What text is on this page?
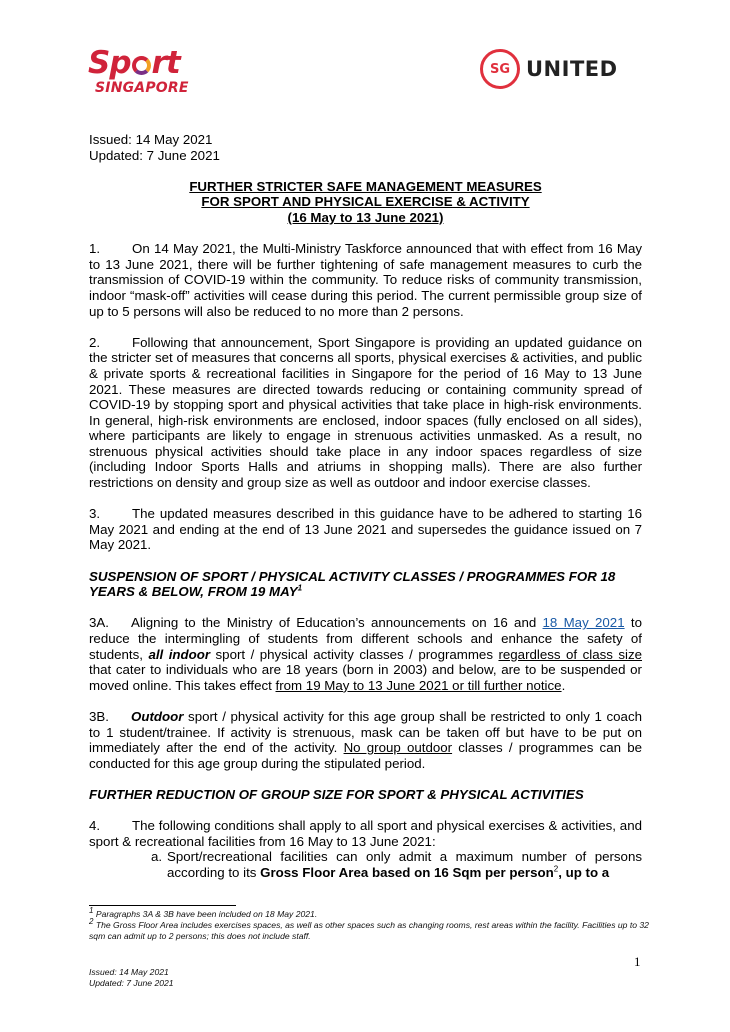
Sp rt
SINGAPORE
SG UNITED

Issued: 14 May 2021

Updated: 7 June 2021

FURTHER STRICTER SAFE MANAGEMENT MEASURES

FOR SPORT AND PHYSICAL EXERCISE & ACTIVITY

(16 May to 13 June 2021)

1. On 14 May 2021, the Multi-Ministry Taskforce announced that with effect from 16 May to 13 June 2021, there will be further tightening of safe management measures to curb the transmission of COVID-19 within the community. To reduce risks of community transmission, indoor “mask-off” activities will cease during this period. The current permissible group size of up to 5 persons will also be reduced to no more than 2 persons.

2. Following that announcement, Sport Singapore is providing an updated guidance on the stricter set of measures that concerns all sports, physical exercises & activities, and public & private sports & recreational facilities in Singapore for the period of 16 May to 13 June 2021. These measures are directed towards reducing or containing community spread of COVID-19 by stopping sport and physical activities that take place in high-risk environments. In general, high-risk environments are enclosed, indoor spaces (fully enclosed on all sides), where participants are likely to engage in strenuous activities unmasked. As a result, no strenuous physical activities should take place in any indoor spaces regardless of size (including Indoor Sports Halls and atriums in shopping malls). There are also further restrictions on density and group size as well as outdoor and indoor exercise classes.

3. The updated measures described in this guidance have to be adhered to starting 16 May 2021 and ending at the end of 13 June 2021 and supersedes the guidance issued on 7 May 2021.

SUSPENSION OF SPORT / PHYSICAL ACTIVITY CLASSES / PROGRAMMES FOR 18 YEARS & BELOW, FROM 19 MAY$^1$

3A. Aligning to the Ministry of Education’s announcements on 16 and 18 May 2021 to reduce the intermingling of students from different schools and enhance the safety of students, all indoor sport / physical activity classes / programmes regardless of class size that cater to individuals who are 18 years (born in 2003) and below, are to be suspended or moved online. This takes effect from 19 May to 13 June 2021 or till further notice.

3B. Outdoor sport / physical activity for this age group shall be restricted to only 1 coach to 1 student/trainee. If activity is strenuous, mask can be taken off but have to be put on immediately after the end of the activity. No group outdoor classes / programmes can be conducted for this age group during the stipulated period.

FURTHER REDUCTION OF GROUP SIZE FOR SPORT & PHYSICAL ACTIVITIES

4. The following conditions shall apply to all sport and physical exercises & activities, and sport & recreational facilities from 16 May to 13 June 2021:

a. Sport/recreational facilities can only admit a maximum number of persons according to its Gross Floor Area based on 16 Sqm per person$^2$, up to a

$^1$ Paragraphs 3A & 3B have been included on 18 May 2021.

$^2$ The Gross Floor Area includes exercises spaces, as well as other spaces such as changing rooms, rest areas within the facility. Facilities up to 32 sqm can admit up to 2 persons; this does not include staff.

1

Issued: 14 May 2021

Updated: 7 June 2021
